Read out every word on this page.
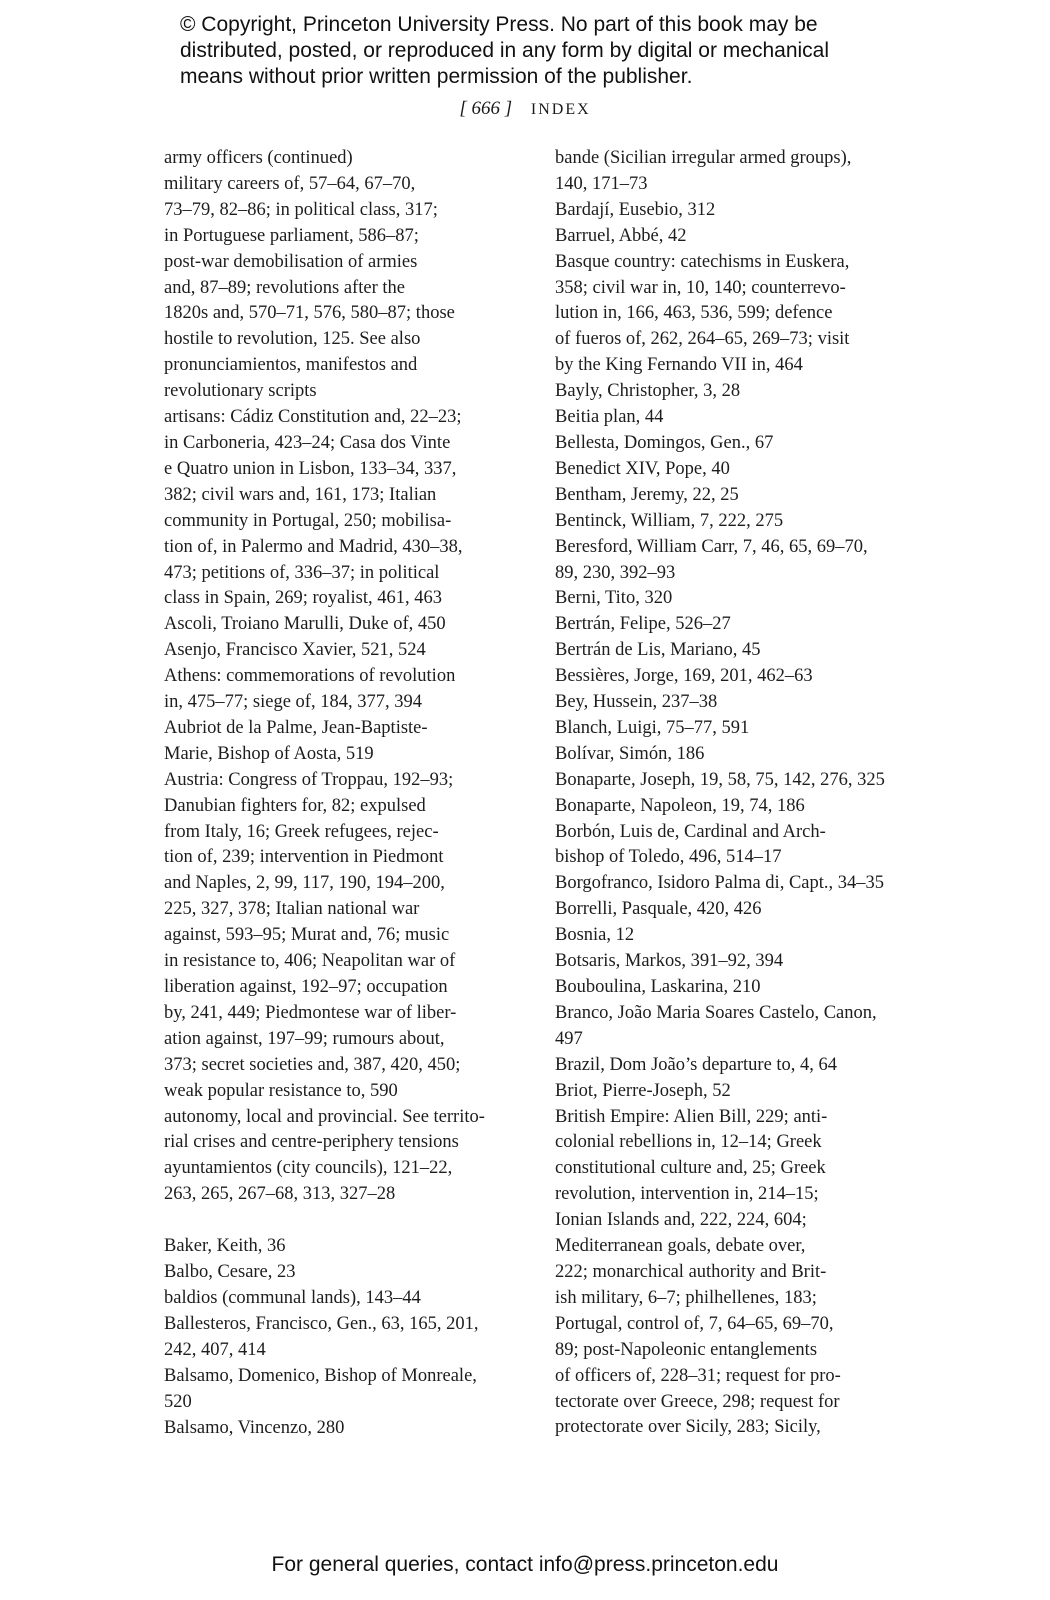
© Copyright, Princeton University Press. No part of this book may be

distributed, posted, or reproduced in any form by digital or mechanical

means without prior written permission of the publisher.

[ 666 ] INDEX

army officers (continued)
military careers of, 57–64, 67–70,
73–79, 82–86; in political class, 317;
in Portuguese parliament, 586–87;
post-war demobilisation of armies
and, 87–89; revolutions after the
1820s and, 570–71, 576, 580–87; those
hostile to revolution, 125. See also
pronunciamientos, manifestos and
revolutionary scripts

artisans: Cádiz Constitution and, 22–23;
in Carboneria, 423–24; Casa dos Vinte
e Quatro union in Lisbon, 133–34, 337,
382; civil wars and, 161, 173; Italian
community in Portugal, 250; mobilisa-
tion of, in Palermo and Madrid, 430–38,
473; petitions of, 336–37; in political
class in Spain, 269; royalist, 461, 463

Ascoli, Troiano Marulli, Duke of, 450

Asenjo, Francisco Xavier, 521, 524

Athens: commemorations of revolution
in, 475–77; siege of, 184, 377, 394

Aubriot de la Palme, Jean-Baptiste-
Marie, Bishop of Aosta, 519

Austria: Congress of Troppau, 192–93;
Danubian fighters for, 82; expulsed
from Italy, 16; Greek refugees, rejec-
tion of, 239; intervention in Piedmont
and Naples, 2, 99, 117, 190, 194–200,
225, 327, 378; Italian national war
against, 593–95; Murat and, 76; music
in resistance to, 406; Neapolitan war of
liberation against, 192–97; occupation
by, 241, 449; Piedmontese war of liber-
ation against, 197–99; rumours about,
373; secret societies and, 387, 420, 450;
weak popular resistance to, 590

autonomy, local and provincial. See territo-
rial crises and centre-periphery tensions

ayuntamientos (city councils), 121–22,
263, 265, 267–68, 313, 327–28

Baker, Keith, 36

Balbo, Cesare, 23

baldios (communal lands), 143–44

Ballesteros, Francisco, Gen., 63, 165, 201,
242, 407, 414

Balsamo, Domenico, Bishop of Monreale,
520

Balsamo, Vincenzo, 280

bande (Sicilian irregular armed groups),
140, 171–73

Bardají, Eusebio, 312

Barruel, Abbé, 42

Basque country: catechisms in Euskera,
358; civil war in, 10, 140; counterrevo-
lution in, 166, 463, 536, 599; defence
of fueros of, 262, 264–65, 269–73; visit
by the King Fernando VII in, 464

Bayly, Christopher, 3, 28

Beitia plan, 44

Bellesta, Domingos, Gen., 67

Benedict XIV, Pope, 40

Bentham, Jeremy, 22, 25

Bentinck, William, 7, 222, 275

Beresford, William Carr, 7, 46, 65, 69–70,
89, 230, 392–93

Berni, Tito, 320

Bertrán, Felipe, 526–27

Bertrán de Lis, Mariano, 45

Bessières, Jorge, 169, 201, 462–63

Bey, Hussein, 237–38

Blanch, Luigi, 75–77, 591

Bolívar, Simón, 186

Bonaparte, Joseph, 19, 58, 75, 142, 276, 325

Bonaparte, Napoleon, 19, 74, 186

Borbón, Luis de, Cardinal and Arch-
bishop of Toledo, 496, 514–17

Borgofranco, Isidoro Palma di, Capt., 34–35

Borrelli, Pasquale, 420, 426

Bosnia, 12

Botsaris, Markos, 391–92, 394

Bouboulina, Laskarina, 210

Branco, João Maria Soares Castelo, Canon,
497

Brazil, Dom João’s departure to, 4, 64

Briot, Pierre-Joseph, 52

British Empire: Alien Bill, 229; anti-
colonial rebellions in, 12–14; Greek
constitutional culture and, 25; Greek
revolution, intervention in, 214–15;
Ionian Islands and, 222, 224, 604;
Mediterranean goals, debate over,
222; monarchical authority and Brit-
ish military, 6–7; philhellenes, 183;
Portugal, control of, 7, 64–65, 69–70,
89; post-Napoleonic entanglements
of officers of, 228–31; request for pro-
tectorate over Greece, 298; request for
protectorate over Sicily, 283; Sicily,

For general queries, contact info@press.princeton.edu
